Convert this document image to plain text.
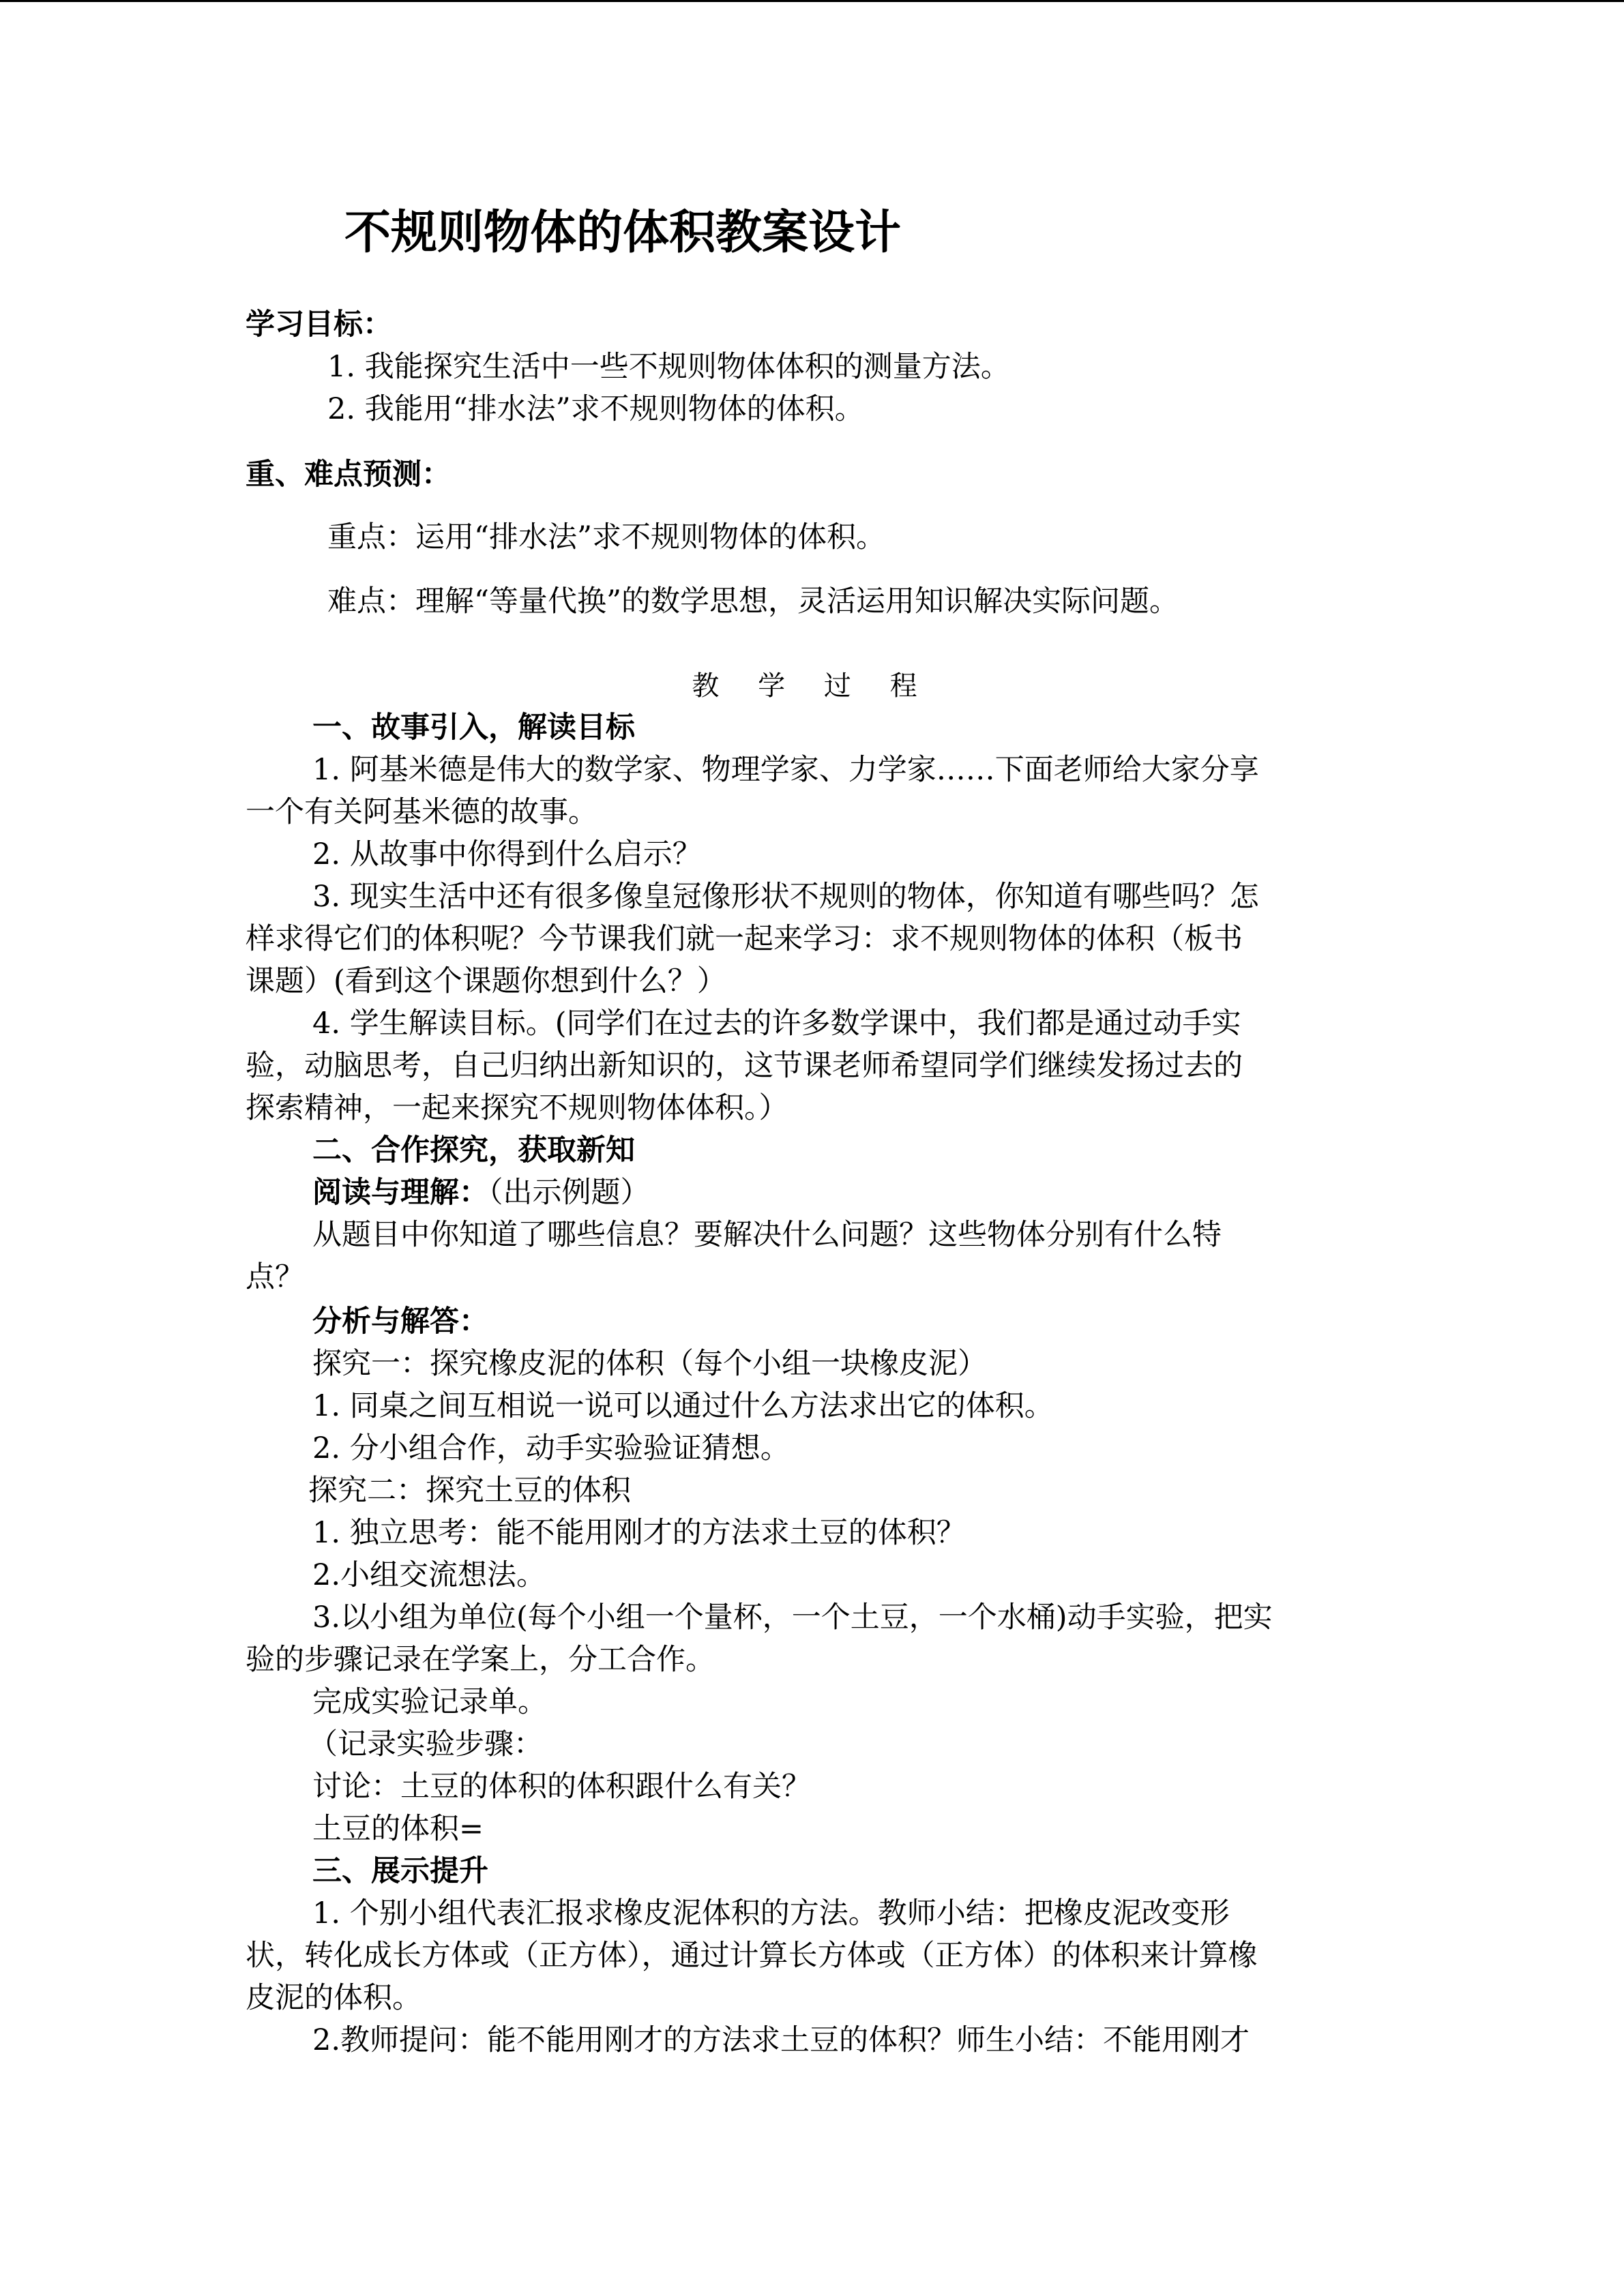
不规则物体的体积教案设计
学习目标：
1. 我能探究生活中一些不规则物体体积的测量方法。
2. 我能用“排水法”求不规则物体的体积。
重、难点预测：
重点：运用“排水法”求不规则物体的体积。
难点：理解“等量代换”的数学思想，灵活运用知识解决实际问题。
教 学 过 程
一、故事引入，解读目标
1. 阿基米德是伟大的数学家、物理学家、力学家……下面老师给大家分享
一个有关阿基米德的故事。
2. 从故事中你得到什么启示？
3. 现实生活中还有很多像皇冠像形状不规则的物体，你知道有哪些吗？怎
样求得它们的体积呢？今节课我们就一起来学习：求不规则物体的体积（板书
课题）(看到这个课题你想到什么？）
4. 学生解读目标。(同学们在过去的许多数学课中，我们都是通过动手实
验，动脑思考，自己归纳出新知识的，这节课老师希望同学们继续发扬过去的
探索精神，一起来探究不规则物体体积。）
二、合作探究，获取新知
阅读与理解：（出示例题）
从题目中你知道了哪些信息？要解决什么问题？这些物体分别有什么特
点？
分析与解答：
探究一：探究橡皮泥的体积（每个小组一块橡皮泥）
1. 同桌之间互相说一说可以通过什么方法求出它的体积。
2. 分小组合作，动手实验验证猜想。
探究二：探究土豆的体积
1. 独立思考：能不能用刚才的方法求土豆的体积？
2.小组交流想法。
3.以小组为单位(每个小组一个量杯，一个土豆，一个水桶)动手实验，把实
验的步骤记录在学案上，分工合作。
完成实验记录单。
（记录实验步骤：
讨论：土豆的体积的体积跟什么有关？
土豆的体积=
三、展示提升
1. 个别小组代表汇报求橡皮泥体积的方法。教师小结：把橡皮泥改变形
状，转化成长方体或（正方体），通过计算长方体或（正方体）的体积来计算橡
皮泥的体积。
2.教师提问：能不能用刚才的方法求土豆的体积？师生小结：不能用刚才
